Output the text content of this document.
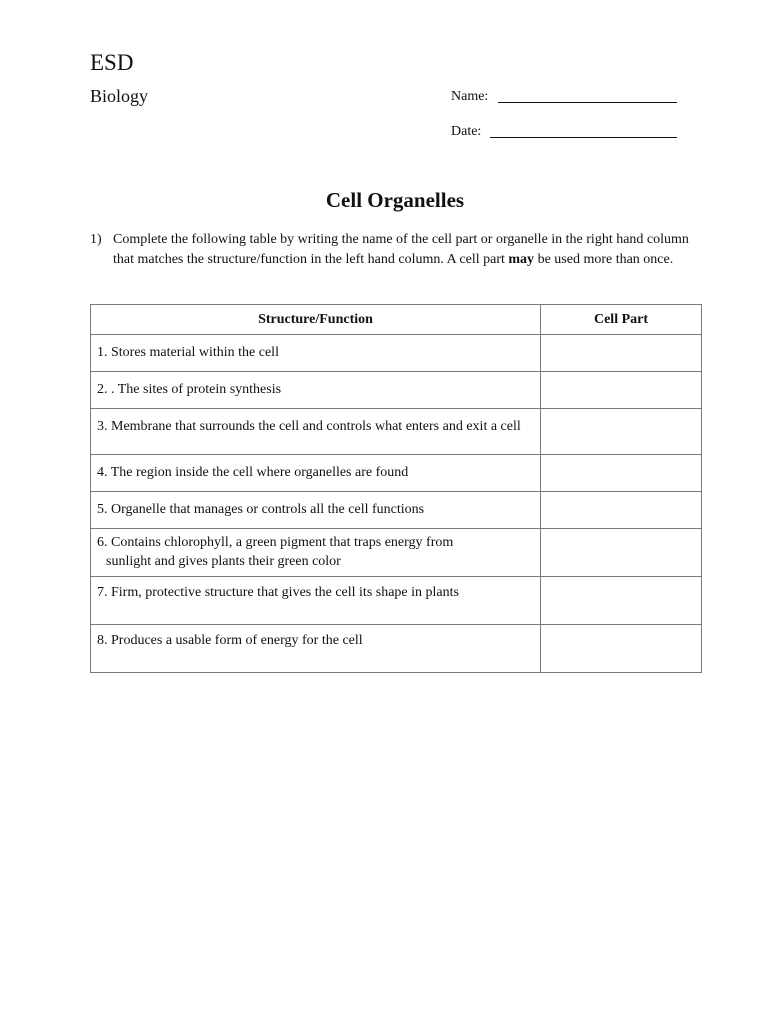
ESD
Biology	Name:
Date:
Cell Organelles
1) Complete the following table by writing the name of the cell part or organelle in the right hand column that matches the structure/function in the left hand column. A cell part may be used more than once.
Structure/Function	Cell Part
1. Stores material within the cell	
2. . The sites of protein synthesis	
3. Membrane that surrounds the cell and controls what enters and exit a cell	
4. The region inside the cell where organelles are found	
5. Organelle that manages or controls all the cell functions	
6. Contains chlorophyll, a green pigment that traps energy from
sunlight and gives plants their green color	

7. Firm, protective structure that gives the cell its shape in plants	
8. Produces a usable form of energy for the cell	
